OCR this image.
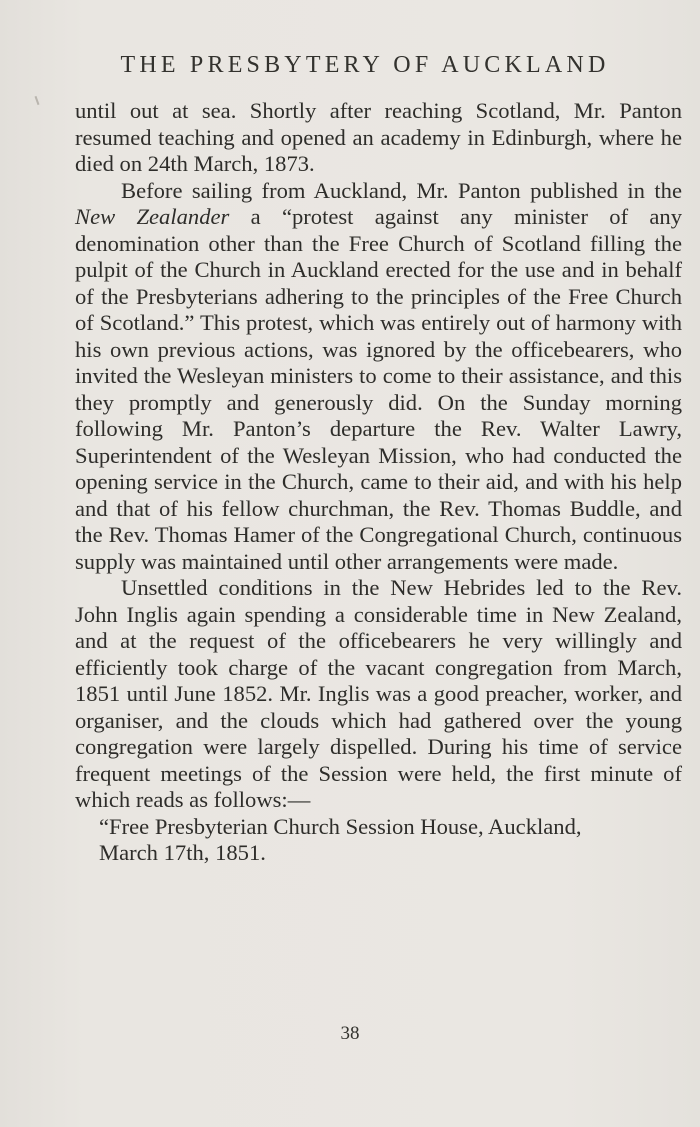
THE PRESBYTERY OF AUCKLAND

until out at sea. Shortly after reaching Scotland, Mr. Panton resumed teaching and opened an academy in Edinburgh, where he died on 24th March, 1873.

Before sailing from Auckland, Mr. Panton published in the New Zealander a “protest against any minister of any denomination other than the Free Church of Scotland filling the pulpit of the Church in Auckland erected for the use and in behalf of the Presbyterians adhering to the principles of the Free Church of Scotland.” This protest, which was entirely out of harmony with his own previous actions, was ignored by the officebearers, who invited the Wesleyan ministers to come to their assistance, and this they promptly and generously did. On the Sunday morning following Mr. Panton’s departure the Rev. Walter Lawry, Superintendent of the Wesleyan Mission, who had conducted the opening service in the Church, came to their aid, and with his help and that of his fellow churchman, the Rev. Thomas Buddle, and the Rev. Thomas Hamer of the Congregational Church, continuous supply was maintained until other arrangements were made.

Unsettled conditions in the New Hebrides led to the Rev. John Inglis again spending a considerable time in New Zealand, and at the request of the officebearers he very willingly and efficiently took charge of the vacant congregation from March, 1851 until June 1852. Mr. Inglis was a good preacher, worker, and organiser, and the clouds which had gathered over the young congregation were largely dispelled. During his time of service frequent meetings of the Session were held, the first minute of which reads as follows:—

“Free Presbyterian Church Session House, Auckland,
March 17th, 1851.

38
